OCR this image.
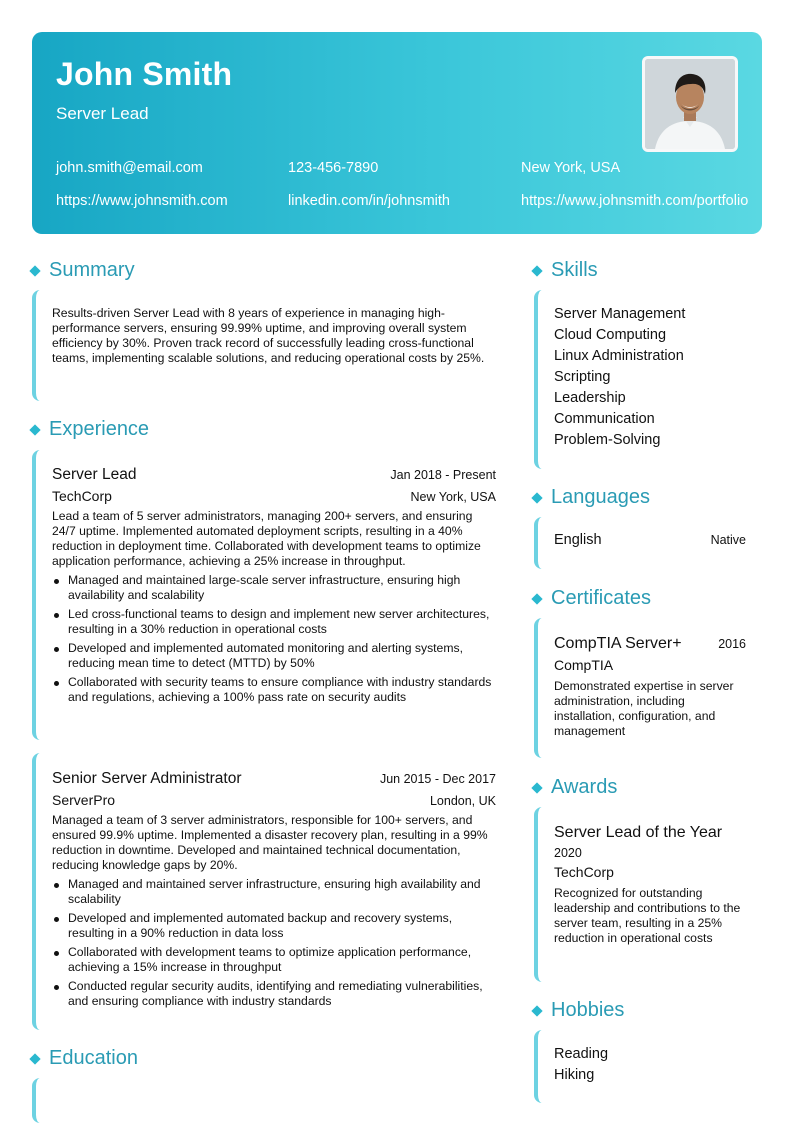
John Smith
Server Lead
john.smith@email.com	123-456-7890	New York, USA
https://www.johnsmith.com	linkedin.com/in/johnsmith	https://www.johnsmith.com/portfolio
Summary
Results-driven Server Lead with 8 years of experience in managing high-performance servers, ensuring 99.99% uptime, and improving overall system efficiency by 30%. Proven track record of successfully leading cross-functional teams, implementing scalable solutions, and reducing operational costs by 25%.
Experience
Server Lead	Jan 2018 - Present
TechCorp	New York, USA
Lead a team of 5 server administrators, managing 200+ servers, and ensuring 24/7 uptime. Implemented automated deployment scripts, resulting in a 40% reduction in deployment time. Collaborated with development teams to optimize application performance, achieving a 25% increase in throughput.
Managed and maintained large-scale server infrastructure, ensuring high availability and scalability
Led cross-functional teams to design and implement new server architectures, resulting in a 30% reduction in operational costs
Developed and implemented automated monitoring and alerting systems, reducing mean time to detect (MTTD) by 50%
Collaborated with security teams to ensure compliance with industry standards and regulations, achieving a 100% pass rate on security audits
Senior Server Administrator	Jun 2015 - Dec 2017
ServerPro	London, UK
Managed a team of 3 server administrators, responsible for 100+ servers, and ensured 99.9% uptime. Implemented a disaster recovery plan, resulting in a 99% reduction in downtime. Developed and maintained technical documentation, reducing knowledge gaps by 20%.
Managed and maintained server infrastructure, ensuring high availability and scalability
Developed and implemented automated backup and recovery systems, resulting in a 90% reduction in data loss
Collaborated with development teams to optimize application performance, achieving a 15% increase in throughput
Conducted regular security audits, identifying and remediating vulnerabilities, and ensuring compliance with industry standards
Education
Skills
Server Management
Cloud Computing
Linux Administration
Scripting
Leadership
Communication
Problem-Solving
Languages
English	Native
Certificates
CompTIA Server+	2016
CompTIA
Demonstrated expertise in server administration, including installation, configuration, and management
Awards
Server Lead of the Year
2020
TechCorp
Recognized for outstanding leadership and contributions to the server team, resulting in a 25% reduction in operational costs
Hobbies
Reading
Hiking
